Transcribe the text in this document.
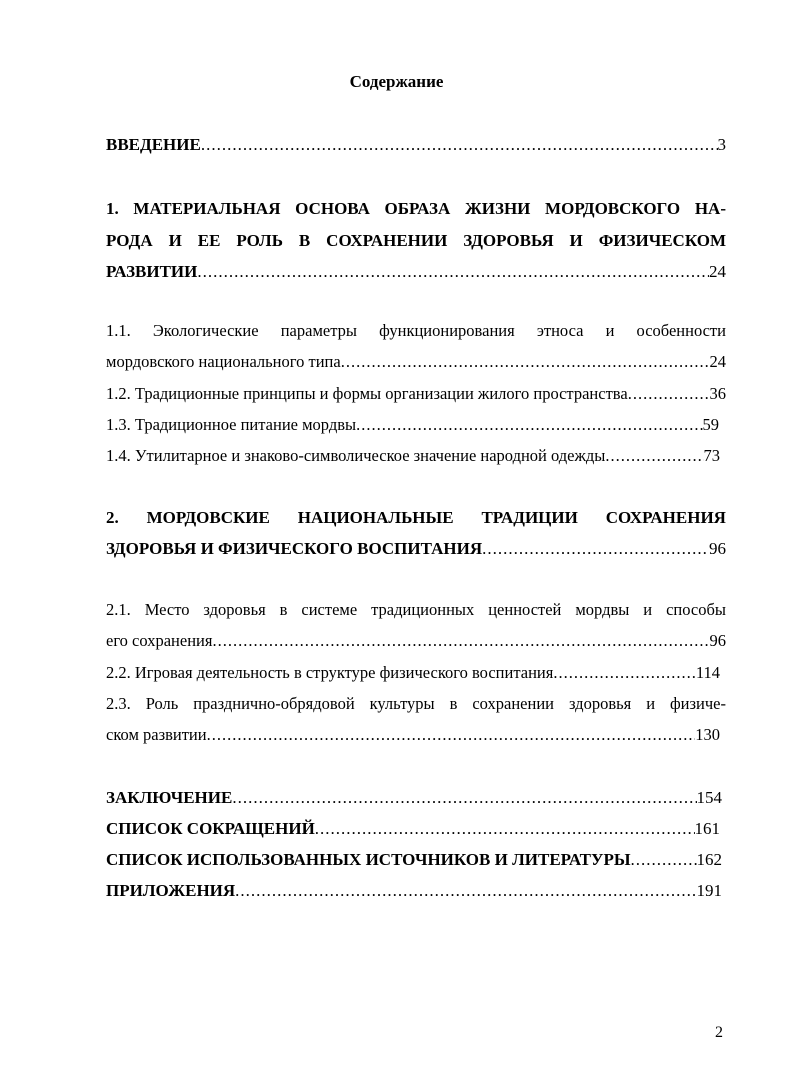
Содержание
ВВЕДЕНИЕ .....	3
1. МАТЕРИАЛЬНАЯ ОСНОВА ОБРАЗА ЖИЗНИ МОРДОВСКОГО НА-
РОДА И ЕЕ РОЛЬ В СОХРАНЕНИИ ЗДОРОВЬЯ И ФИЗИЧЕСКОМ
РАЗВИТИИ .....	24
1.1. Экологические параметры функционирования этноса и особенности
мордовского национального типа .....	24
1.2. Традиционные принципы и формы организации жилого пространства .....	36
1.3. Традиционное питание мордвы .....	59
1.4. Утилитарное и знаково-символическое значение народной одежды .....	73
2. МОРДОВСКИЕ НАЦИОНАЛЬНЫЕ ТРАДИЦИИ СОХРАНЕНИЯ
ЗДОРОВЬЯ И ФИЗИЧЕСКОГО ВОСПИТАНИЯ .....	96
2.1. Место здоровья в системе традиционных ценностей мордвы и способы
его сохранения .....	96
2.2. Игровая деятельность в структуре физического воспитания .....	114
2.3. Роль празднично-обрядовой культуры в сохранении здоровья и физиче-
ском развитии .....	130
ЗАКЛЮЧЕНИЕ .....	154
СПИСОК СОКРАЩЕНИЙ .....	161
СПИСОК ИСПОЛЬЗОВАННЫХ ИСТОЧНИКОВ И ЛИТЕРАТУРЫ .....	162
ПРИЛОЖЕНИЯ .....	191
2
